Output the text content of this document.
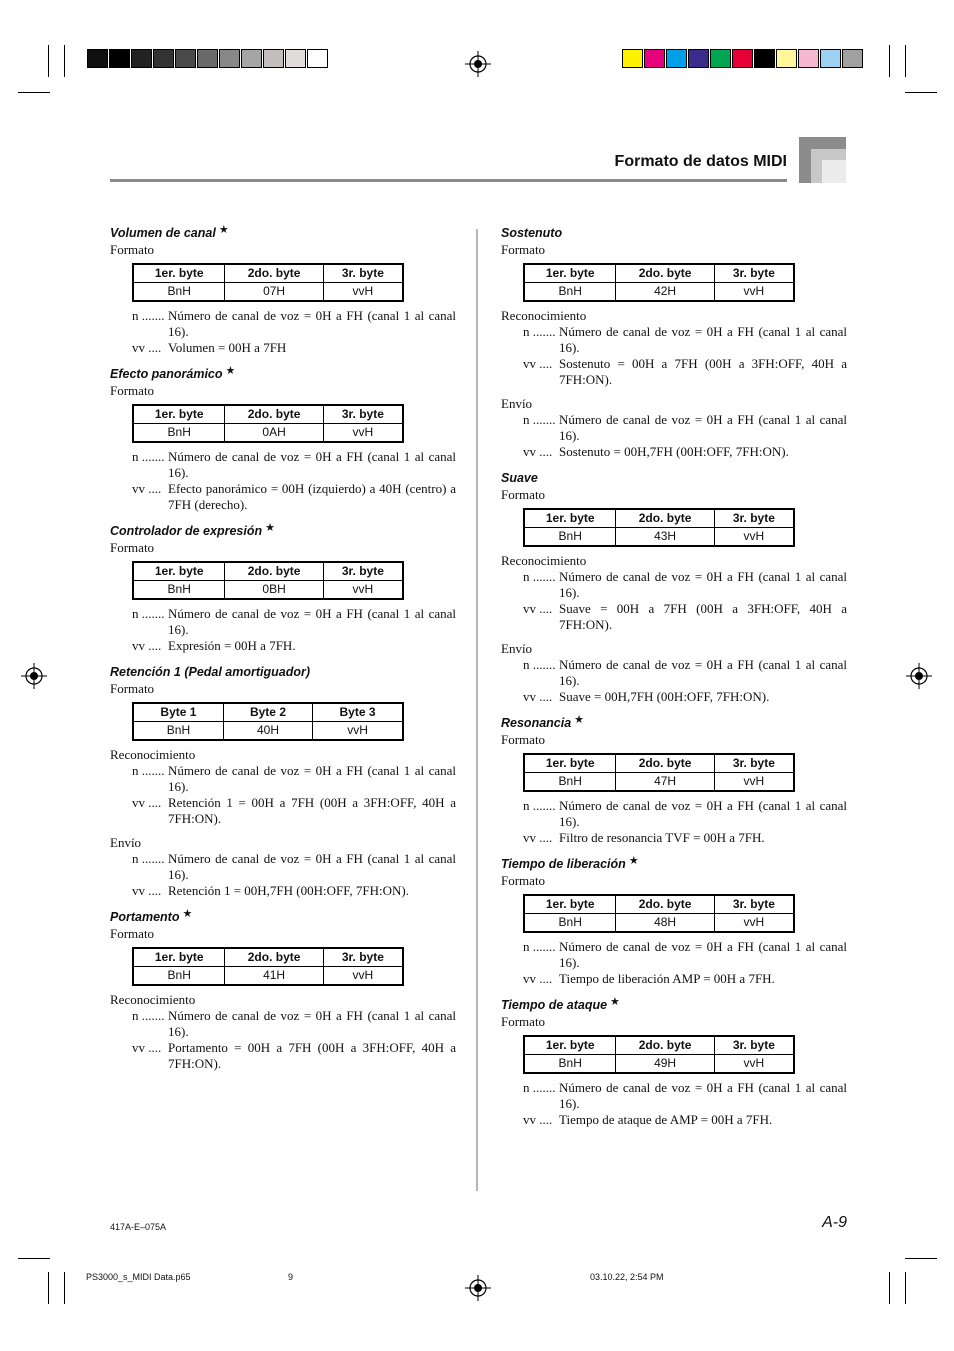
Formato de datos MIDI

Volumen de canal ★

Formato

1er. byte	2do. byte	3r. byte
BnH	07H	vvH

n ....... Número de canal de voz = 0H a FH (canal 1 al canal 16).

vv .... Volumen = 00H a 7FH

Efecto panorámico ★

Formato

1er. byte	2do. byte	3r. byte
BnH	0AH	vvH

n ....... Número de canal de voz = 0H a FH (canal 1 al canal 16).

vv .... Efecto panorámico = 00H (izquierdo) a 40H (centro) a 7FH (derecho).

Controlador de expresión ★

Formato

1er. byte	2do. byte	3r. byte
BnH	0BH	vvH

n ....... Número de canal de voz = 0H a FH (canal 1 al canal 16).

vv .... Expresión = 00H a 7FH.

Retención 1 (Pedal amortiguador)

Formato

Byte 1	Byte 2	Byte 3
BnH	40H	vvH

Reconocimiento

n ....... Número de canal de voz = 0H a FH (canal 1 al canal 16).

vv .... Retención 1 = 00H a 7FH (00H a 3FH:OFF, 40H a 7FH:ON).

Envío

n ....... Número de canal de voz = 0H a FH (canal 1 al canal 16).

vv .... Retención 1 = 00H,7FH (00H:OFF, 7FH:ON).

Portamento ★

Formato

1er. byte	2do. byte	3r. byte
BnH	41H	vvH

Reconocimiento

n ....... Número de canal de voz = 0H a FH (canal 1 al canal 16).

vv .... Portamento = 00H a 7FH (00H a 3FH:OFF, 40H a 7FH:ON).

Sostenuto

Formato

1er. byte	2do. byte	3r. byte
BnH	42H	vvH

Reconocimiento

n ....... Número de canal de voz = 0H a FH (canal 1 al canal 16).

vv .... Sostenuto = 00H a 7FH (00H a 3FH:OFF, 40H a 7FH:ON).

Envío

n ....... Número de canal de voz = 0H a FH (canal 1 al canal 16).

vv .... Sostenuto = 00H,7FH (00H:OFF, 7FH:ON).

Suave

Formato

1er. byte	2do. byte	3r. byte
BnH	43H	vvH

Reconocimiento

n ....... Número de canal de voz = 0H a FH (canal 1 al canal 16).

vv .... Suave = 00H a 7FH (00H a 3FH:OFF, 40H a 7FH:ON).

Envío

n ....... Número de canal de voz = 0H a FH (canal 1 al canal 16).

vv .... Suave = 00H,7FH (00H:OFF, 7FH:ON).

Resonancia ★

Formato

1er. byte	2do. byte	3r. byte
BnH	47H	vvH

n ....... Número de canal de voz = 0H a FH (canal 1 al canal 16).

vv .... Filtro de resonancia TVF = 00H a 7FH.

Tiempo de liberación ★

Formato

1er. byte	2do. byte	3r. byte
BnH	48H	vvH

n ....... Número de canal de voz = 0H a FH (canal 1 al canal 16).

vv .... Tiempo de liberación AMP = 00H a 7FH.

Tiempo de ataque ★

Formato

1er. byte	2do. byte	3r. byte
BnH	49H	vvH

n ....... Número de canal de voz = 0H a FH (canal 1 al canal 16).

vv .... Tiempo de ataque de AMP = 00H a 7FH.

417A-E–075A	A-9
PS3000_s_MIDI Data.p65	9	03.10.22, 2:54 PM
